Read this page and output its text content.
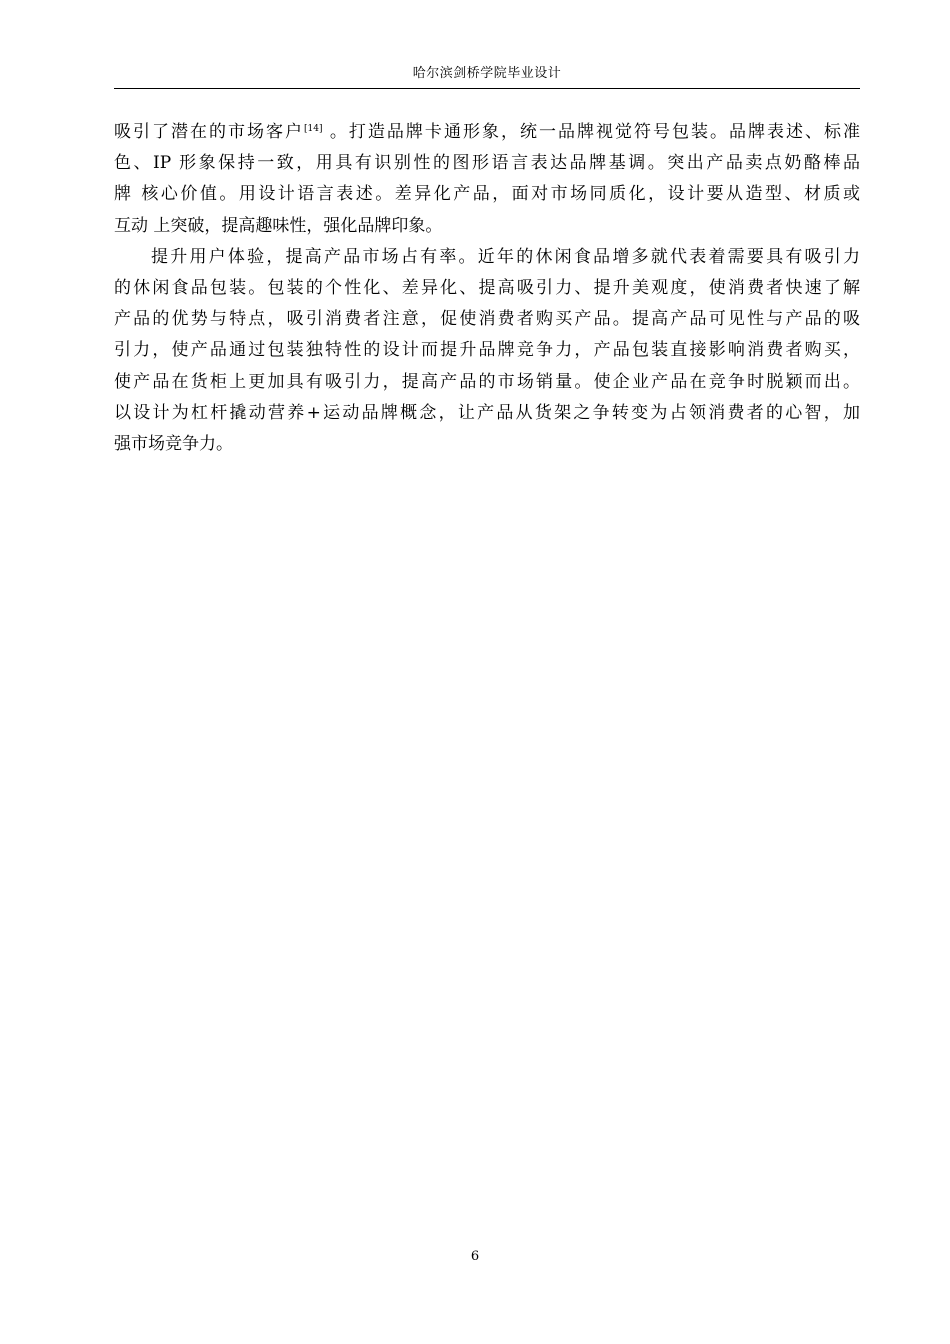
哈尔滨剑桥学院毕业设计
吸引了潜在的市场客户[14] 。打造品牌卡通形象，统一品牌视觉符号包装。品牌表述、标准
色、IP 形象保持一致，用具有识别性的图形语言表达品牌基调。突出产品卖点奶酪棒品
牌 核心价值。用设计语言表述。差异化产品，面对市场同质化，设计要从造型、材质或
互动 上突破，提高趣味性，强化品牌印象。
提升用户体验，提高产品市场占有率。近年的休闲食品增多就代表着需要具有吸引力
的休闲食品包装。包装的个性化、差异化、提高吸引力、提升美观度，使消费者快速了解
产品的优势与特点，吸引消费者注意，促使消费者购买产品。提高产品可见性与产品的吸
引力，使产品通过包装独特性的设计而提升品牌竞争力，产品包装直接影响消费者购买，
使产品在货柜上更加具有吸引力，提高产品的市场销量。使企业产品在竞争时脱颖而出。
以设计为杠杆撬动营养+运动品牌概念，让产品从货架之争转变为占领消费者的心智，加
强市场竞争力。
6
